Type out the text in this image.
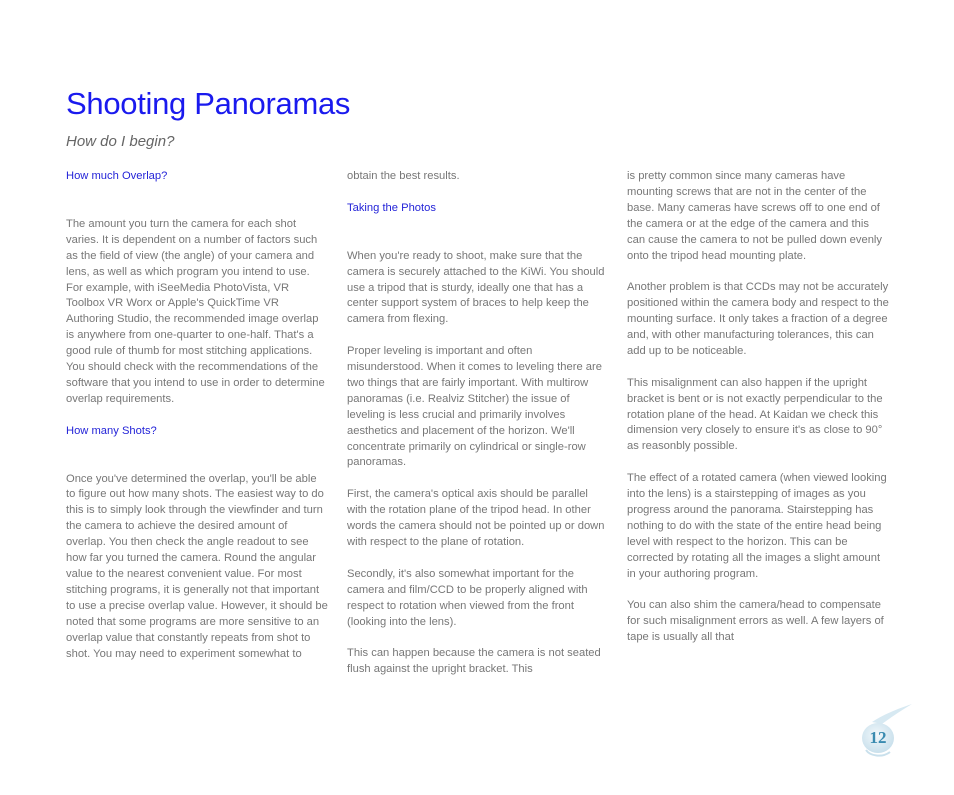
Shooting Panoramas
How do I begin?
How much Overlap?
The amount you turn the camera for each shot varies. It is dependent on a number of factors such as the field of view (the angle) of your camera and lens, as well as which program you intend to use. For example, with iSeeMedia PhotoVista, VR Toolbox VR Worx or Apple's QuickTime VR Authoring Studio, the recommended image overlap is anywhere from one-quarter to one-half. That's a good rule of thumb for most stitching applications. You should check with the recommendations of the software that you intend to use in order to determine overlap requirements.
How many Shots?
Once you've determined the overlap, you'll be able to figure out how many shots. The easiest way to do this is to simply look through the viewfinder and turn the camera to achieve the desired amount of overlap. You then check the angle readout to see how far you turned the camera. Round the angular value to the nearest convenient value. For most stitching programs, it is generally not that important to use a precise overlap value. However, it should be noted that some programs are more sensitive to an overlap value that constantly repeats from shot to shot. You may need to experiment somewhat to
obtain the best results.
Taking the Photos
When you're ready to shoot, make sure that the camera is securely attached to the KiWi. You should use a tripod that is sturdy, ideally one that has a center support system of braces to help keep the camera from flexing.
Proper leveling is important and often misunderstood. When it comes to leveling there are two things that are fairly important. With multirow panoramas (i.e. Realviz Stitcher) the issue of leveling is less crucial and primarily involves aesthetics and placement of the horizon. We'll concentrate primarily on cylindrical or single-row panoramas.
First, the camera's optical axis should be parallel with the rotation plane of the tripod head. In other words the camera should not be pointed up or down with respect to the plane of rotation.
Secondly, it's also somewhat important for the camera and film/CCD to be properly aligned with respect to rotation when viewed from the front (looking into the lens).
This can happen because the camera is not seated flush against the upright bracket. This
is pretty common since many cameras have mounting screws that are not in the center of the base. Many cameras have screws off to one end of the camera or at the edge of the camera and this can cause the camera to not be pulled down evenly onto the tripod head mounting plate.
Another problem is that CCDs may not be accurately positioned within the camera body and respect to the mounting surface. It only takes a fraction of a degree and, with other manufacturing tolerances, this can add up to be noticeable.
This misalignment can also happen if the upright bracket is bent or is not exactly perpendicular to the rotation plane of the head. At Kaidan we check this dimension very closely to ensure it's as close to 90° as reasonbly possible.
The effect of a rotated camera (when viewed looking into the lens) is a stairstepping of images as you progress around the panorama. Stairstepping has nothing to do with the state of the entire head being level with respect to the horizon. This can be corrected by rotating all the images a slight amount in your authoring program.
You can also shim the camera/head to compensate for such misalignment errors as well. A few layers of tape is usually all that
12
